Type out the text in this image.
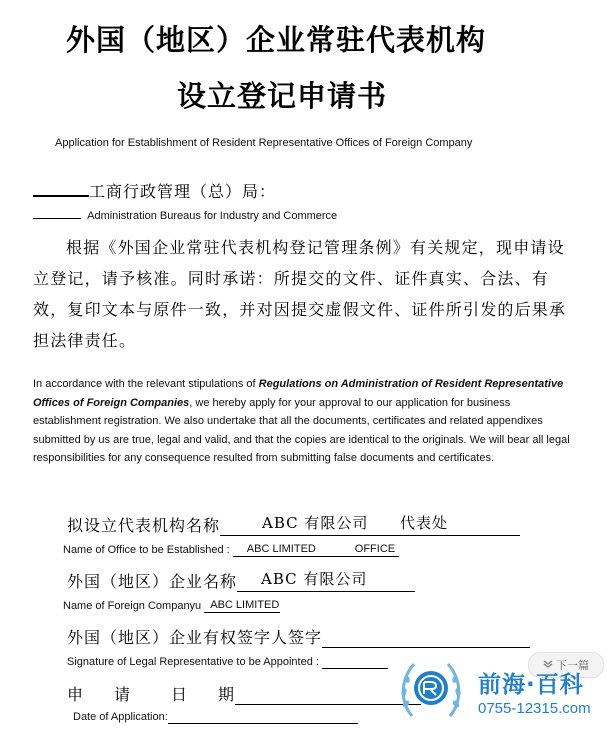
外国（地区）企业常驻代表机构
设立登记申请书
Application for Establishment of Resident Representative Offices of Foreign Company
工商行政管理（总）局：
Administration Bureaus for Industry and Commerce
根据《外国企业常驻代表机构登记管理条例》有关规定，现申请设立登记，请予核准。同时承诺：所提交的文件、证件真实、合法、有效，复印文本与原件一致，并对因提交虚假文件、证件所引发的后果承担法律责任。
In accordance with the relevant stipulations of Regulations on Administration of Resident Representative Offices of Foreign Companies, we hereby apply for your approval to our application for business establishment registration. We also undertake that all the documents, certificates and related appendixes submitted by us are true, legal and valid, and that the copies are identical to the originals. We will bear all legal responsibilities for any consequence resulted from submitting false documents and certificates.
拟设立代表机构名称	ABC 有限公司 代表处

Name of Office to be Established : ABC LIMITED	OFFICE

外国（地区）企业名称 ABC 有限公司

Name of Foreign Companyu ABC LIMITED

外国（地区）企业有权签字人签字
Signature of Legal Representative to be Appointed :
申 请	日 期
Date of Application:
下一篇
前海·百科
0755-12315.com
